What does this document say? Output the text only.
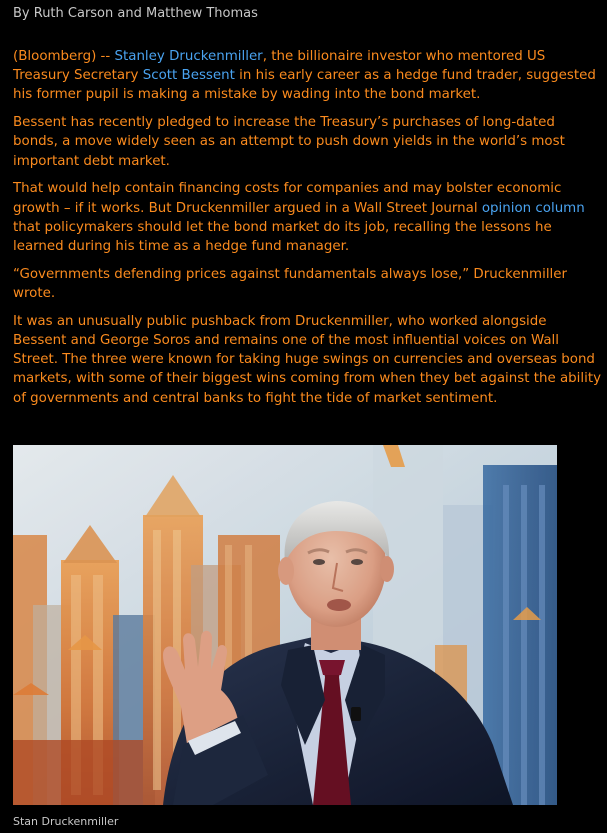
By Ruth Carson and Matthew Thomas

(Bloomberg) -- Stanley Druckenmiller, the billionaire investor who mentored US Treasury Secretary Scott Bessent in his early career as a hedge fund trader, suggested his former pupil is making a mistake by wading into the bond market.

Bessent has recently pledged to increase the Treasury’s purchases of long-dated bonds, a move widely seen as an attempt to push down yields in the world’s most important debt market.

That would help contain financing costs for companies and may bolster economic growth – if it works. But Druckenmiller argued in a Wall Street Journal opinion column that policymakers should let the bond market do its job, recalling the lessons he learned during his time as a hedge fund manager.

“Governments defending prices against fundamentals always lose,” Druckenmiller wrote.

It was an unusually public pushback from Druckenmiller, who worked alongside Bessent and George Soros and remains one of the most influential voices on Wall Street. The three were known for taking huge swings on currencies and overseas bond markets, with some of their biggest wins coming from when they bet against the ability of governments and central banks to fight the tide of market sentiment.

Stan Druckenmiller
